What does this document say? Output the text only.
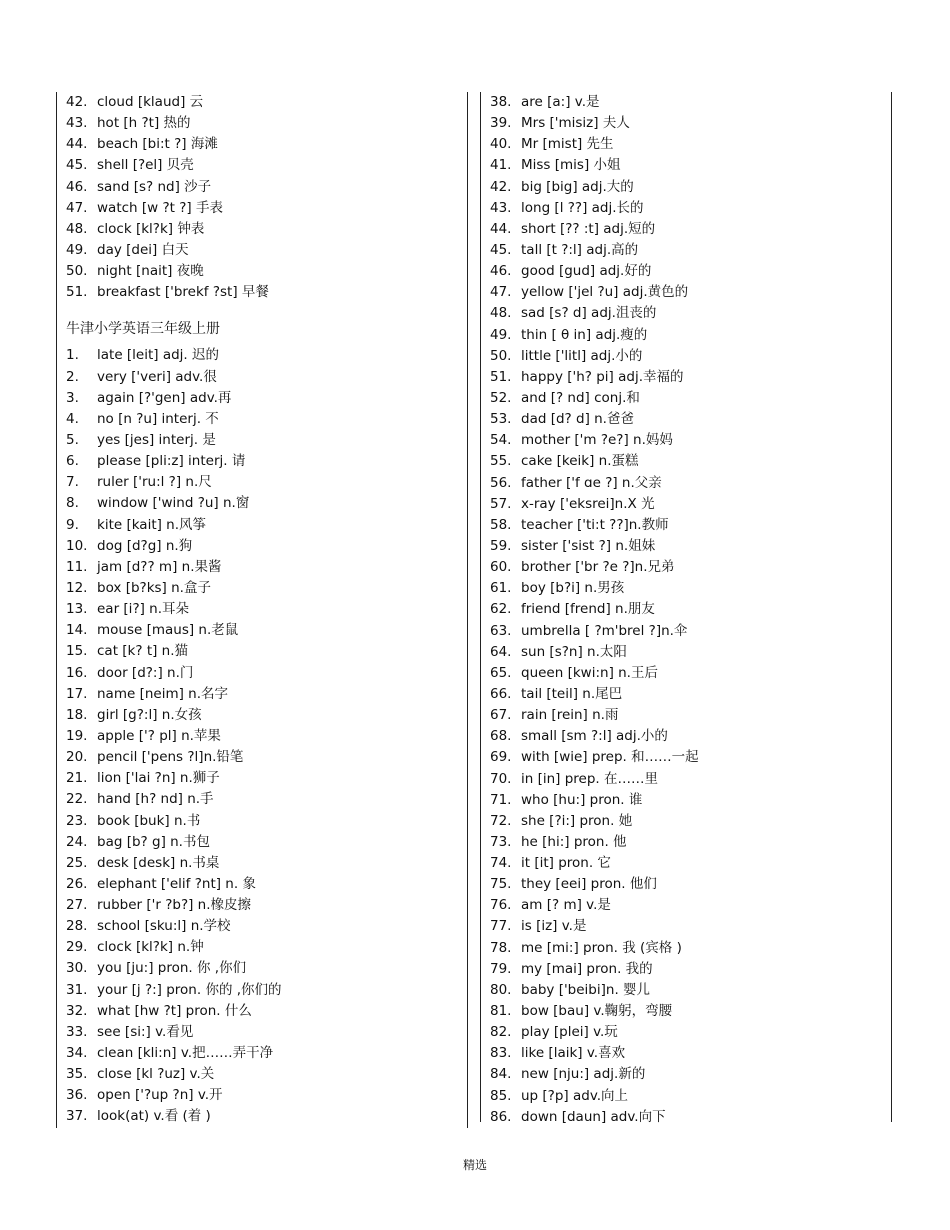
42. cloud [klaud] 云
43. hot [h ?t] 热的
44. beach [bi:t ?] 海滩
45. shell [?el] 贝壳
46. sand [s? nd] 沙子
47. watch [w ?t ?] 手表
48. clock [kl?k] 钟表
49. day [dei] 白天
50. night [nait] 夜晚
51. breakfast ['brekf ?st] 早餐
牛津小学英语三年级上册
1. late [leit] adj. 迟的
2. very ['veri] adv.很
3. again [?'gen] adv.再
4. no [n ?u] interj. 不
5. yes [jes] interj. 是
6. please [pli:z] interj. 请
7. ruler ['ru:l ?] n.尺
8. window ['wind ?u] n.窗
9. kite [kait] n.风筝
10. dog [d?g] n.狗
11. jam [d?? m] n.果酱
12. box [b?ks] n.盒子
13. ear [i?] n.耳朵
14. mouse [maus] n.老鼠
15. cat [k? t] n.猫
16. door [d?:] n.门
17. name [neim] n.名字
18. girl [g?:l] n.女孩
19. apple ['? pl] n.苹果
20. pencil ['pens ?l]n.铅笔
21. lion ['lai ?n] n.狮子
22. hand [h? nd] n.手
23. book [buk] n.书
24. bag [b? g] n.书包
25. desk [desk] n.书桌
26. elephant ['elif ?nt] n. 象
27. rubber ['r ?b?] n.橡皮擦
28. school [sku:l] n.学校
29. clock [kl?k] n.钟
30. you [ju:] pron. 你 ,你们
31. your [j ?:] pron. 你的 ,你们的
32. what [hw ?t] pron. 什么
33. see [si:] v.看见
34. clean [kli:n] v.把……弄干净
35. close [kl ?uz] v.关
36. open ['?up ?n] v.开
37. look(at) v.看 (着 )
38. are [a:] v.是
39. Mrs ['misiz] 夫人
40. Mr [mist] 先生
41. Miss [mis] 小姐
42. big [big] adj.大的
43. long [l ??] adj.长的
44. short [?? :t] adj.短的
45. tall [t ?:l] adj.高的
46. good [gud] adj.好的
47. yellow ['jel ?u] adj.黄色的
48. sad [s? d] adj.沮丧的
49. thin [ θ in] adj.瘦的
50. little ['litl] adj.小的
51. happy ['h? pi] adj.幸福的
52. and [? nd] conj.和
53. dad [d? d] n.爸爸
54. mother ['m ?e?] n.妈妈
55. cake [keik] n.蛋糕
56. father ['f ɑe ?] n.父亲
57. x-ray ['eksrei]n.X 光
58. teacher ['ti:t ??]n.教师
59. sister ['sist ?] n.姐妹
60. brother ['br ?e ?]n.兄弟
61. boy [b?i] n.男孩
62. friend [frend] n.朋友
63. umbrella [ ?m'brel ?]n.伞
64. sun [s?n] n.太阳
65. queen [kwi:n] n.王后
66. tail [teil] n.尾巴
67. rain [rein] n.雨
68. small [sm ?:l] adj.小的
69. with [wie] prep. 和……一起
70. in [in] prep. 在……里
71. who [hu:] pron. 谁
72. she [?i:] pron. 她
73. he [hi:] pron. 他
74. it [it] pron. 它
75. they [eei] pron. 他们
76. am [? m] v.是
77. is [iz] v.是
78. me [mi:] pron. 我 (宾格 )
79. my [mai] pron. 我的
80. baby ['beibi]n. 婴儿
81. bow [bau] v.鞠躬，弯腰
82. play [plei] v.玩
83. like [laik] v.喜欢
84. new [nju:] adj.新的
85. up [?p] adv.向上
86. down [daun] adv.向下
精选
